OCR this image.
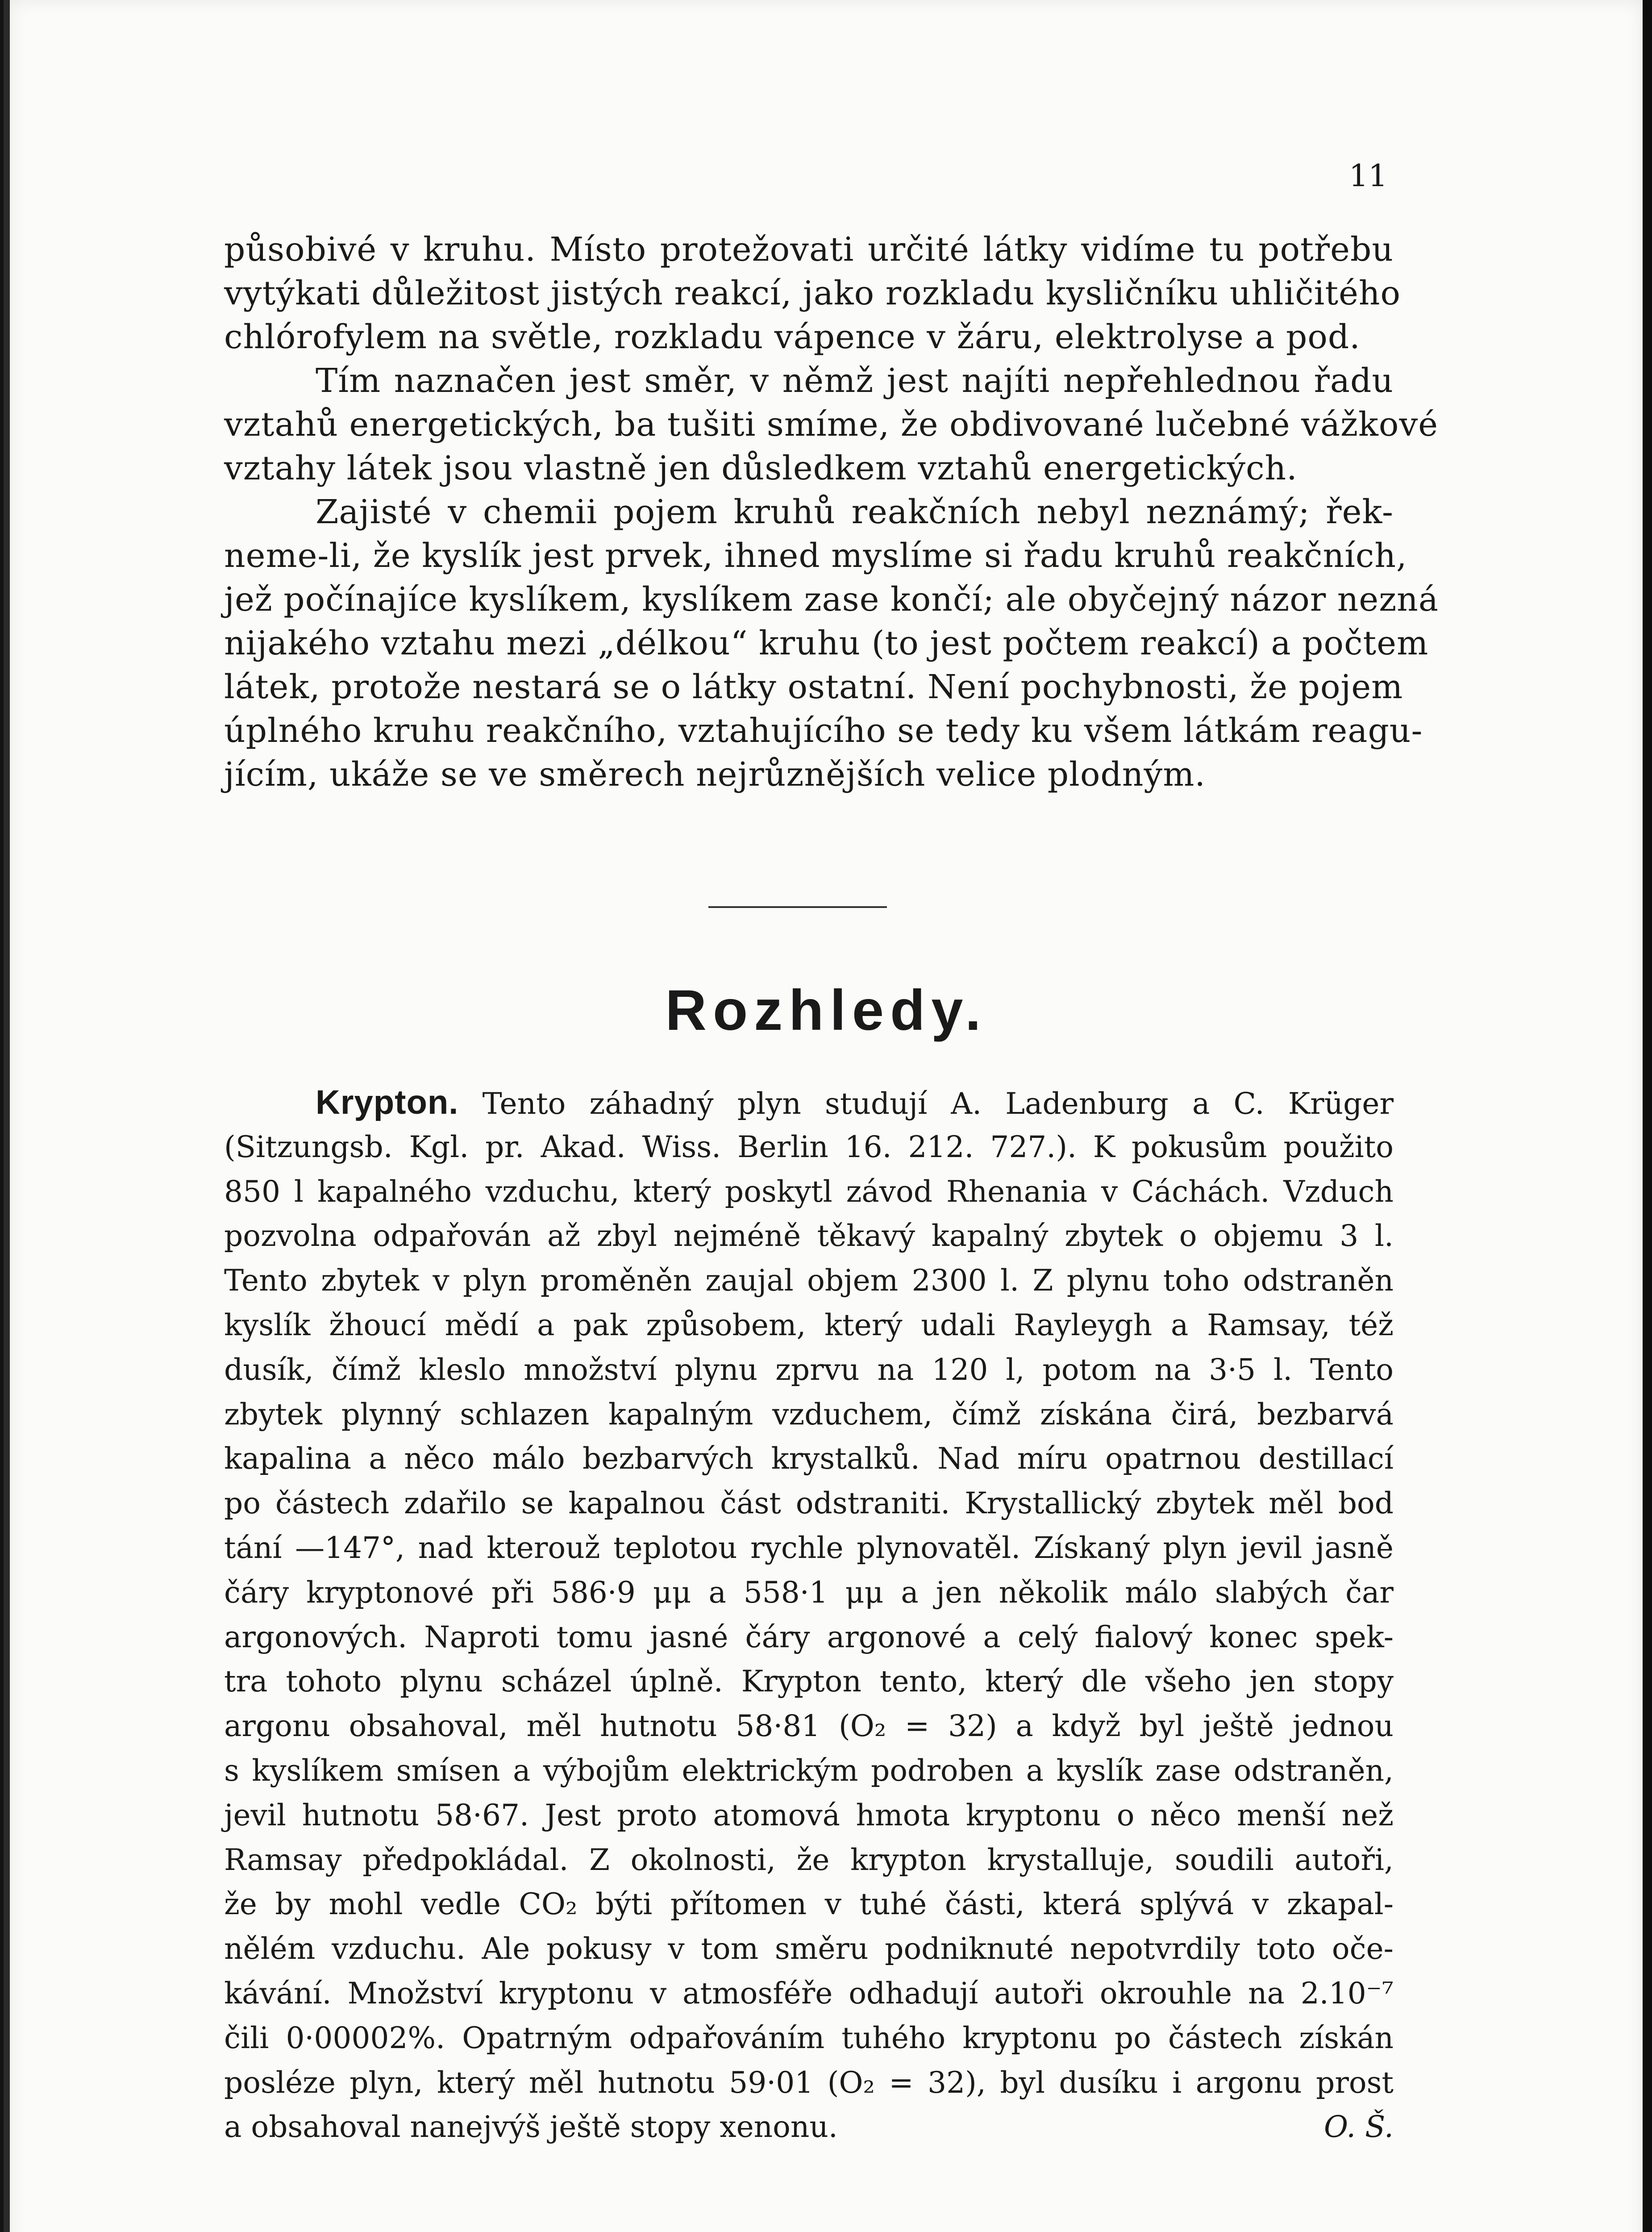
11
působivé v kruhu. Místo protežovati určité látky vidíme tu potřebu
vytýkati důležitost jistých reakcí, jako rozkladu kysličníku uhličitého
chlórofylem na světle, rozkladu vápence v žáru, elektrolyse a pod.
Tím naznačen jest směr, v němž jest najíti nepřehlednou řadu
vztahů energetických, ba tušiti smíme, že obdivované lučebné vážkové
vztahy látek jsou vlastně jen důsledkem vztahů energetických.
Zajisté v chemii pojem kruhů reakčních nebyl neznámý; řek-
neme-li, že kyslík jest prvek, ihned myslíme si řadu kruhů reakčních,
jež počínajíce kyslíkem, kyslíkem zase končí; ale obyčejný názor nezná
nijakého vztahu mezi „délkou“ kruhu (to jest počtem reakcí) a počtem
látek, protože nestará se o látky ostatní. Není pochybnosti, že pojem
úplného kruhu reakčního, vztahujícího se tedy ku všem látkám reagu-
jícím, ukáže se ve směrech nejrůznějších velice plodným.
Rozhledy.
Krypton. Tento záhadný plyn studují A. Ladenburg a C. Krüger
(Sitzungsb. Kgl. pr. Akad. Wiss. Berlin 16. 212. 727.). K pokusům použito
850 l kapalného vzduchu, který poskytl závod Rhenania v Cáchách. Vzduch
pozvolna odpařován až zbyl nejméně těkavý kapalný zbytek o objemu 3 l.
Tento zbytek v plyn proměněn zaujal objem 2300 l. Z plynu toho odstraněn
kyslík žhoucí mědí a pak způsobem, který udali Rayleygh a Ramsay, též
dusík, čímž kleslo množství plynu zprvu na 120 l, potom na 3·5 l. Tento
zbytek plynný schlazen kapalným vzduchem, čímž získána čirá, bezbarvá
kapalina a něco málo bezbarvých krystalků. Nad míru opatrnou destillací
po částech zdařilo se kapalnou část odstraniti. Krystallický zbytek měl bod
tání —147°, nad kterouž teplotou rychle plynovatěl. Získaný plyn jevil jasně
čáry kryptonové při 586·9 μμ a 558·1 μμ a jen několik málo slabých čar
argonových. Naproti tomu jasné čáry argonové a celý fialový konec spek-
tra tohoto plynu scházel úplně. Krypton tento, který dle všeho jen stopy
argonu obsahoval, měl hutnotu 58·81 (O₂ = 32) a když byl ještě jednou
s kyslíkem smísen a výbojům elektrickým podroben a kyslík zase odstraněn,
jevil hutnotu 58·67. Jest proto atomová hmota kryptonu o něco menší než
Ramsay předpokládal. Z okolnosti, že krypton krystalluje, soudili autoři,
že by mohl vedle CO₂ býti přítomen v tuhé části, která splývá v zkapal-
nělém vzduchu. Ale pokusy v tom směru podniknuté nepotvrdily toto oče-
kávání. Množství kryptonu v atmosféře odhadují autoři okrouhle na 2.10⁻⁷
čili 0·00002%. Opatrným odpařováním tuhého kryptonu po částech získán
posléze plyn, který měl hutnotu 59·01 (O₂ = 32), byl dusíku i argonu prost
a obsahoval nanejvýš ještě stopy xenonu.	O. Š.
